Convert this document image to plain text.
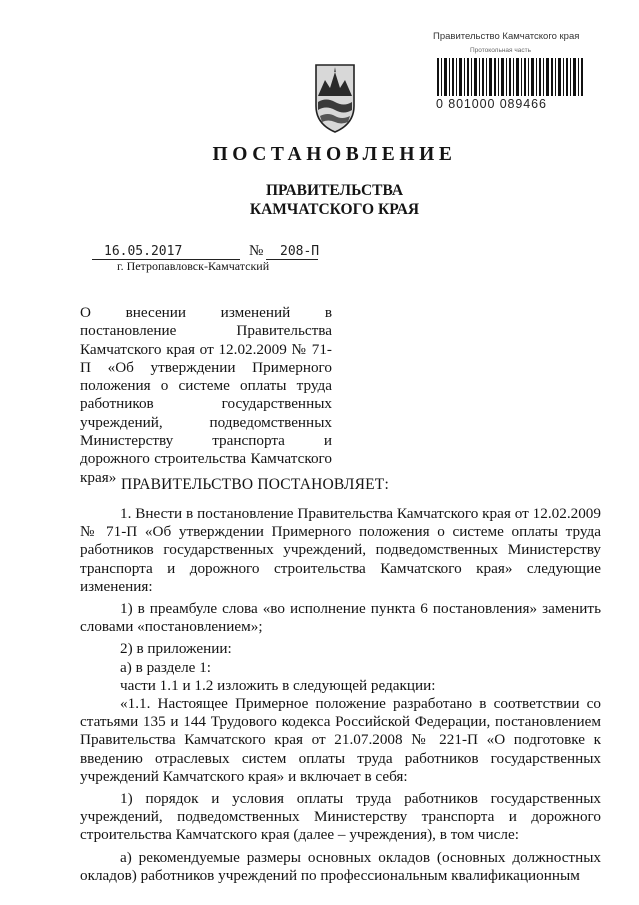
Правительство Камчатского края
Протокольная часть
0 801000 089466
ПОСТАНОВЛЕНИЕ
ПРАВИТЕЛЬСТВА
КАМЧАТСКОГО КРАЯ
16.05.2017	№ 208-П
г. Петропавловск-Камчатский
О внесении изменений в постановление Правительства Камчатского края от 12.02.2009 № 71-П «Об утверждении Примерного положения о системе оплаты труда работников государственных учреждений, подведомственных Министерству транспорта и дорожного строительства Камчатского края» ПРАВИТЕЛЬСТВО ПОСТАНОВЛЯЕТ:

1. Внести в постановление Правительства Камчатского края от 12.02.2009 № 71-П «Об утверждении Примерного положения о системе оплаты труда работников государственных учреждений, подведомственных Министерству транспорта и дорожного строительства Камчатского края» следующие изменения:

1) в преамбуле слова «во исполнение пункта 6 постановления» заменить словами «постановлением»;

2) в приложении:

а) в разделе 1:

части 1.1 и 1.2 изложить в следующей редакции:

«1.1. Настоящее Примерное положение разработано в соответствии со статьями 135 и 144 Трудового кодекса Российской Федерации, постановлением Правительства Камчатского края от 21.07.2008 № 221-П «О подготовке к введению отраслевых систем оплаты труда работников государственных учреждений Камчатского края» и включает в себя:

1) порядок и условия оплаты труда работников государственных учреждений, подведомственных Министерству транспорта и дорожного строительства Камчатского края (далее – учреждения), в том числе:

а) рекомендуемые размеры основных окладов (основных должностных окладов) работников учреждений по профессиональным квалификационным
